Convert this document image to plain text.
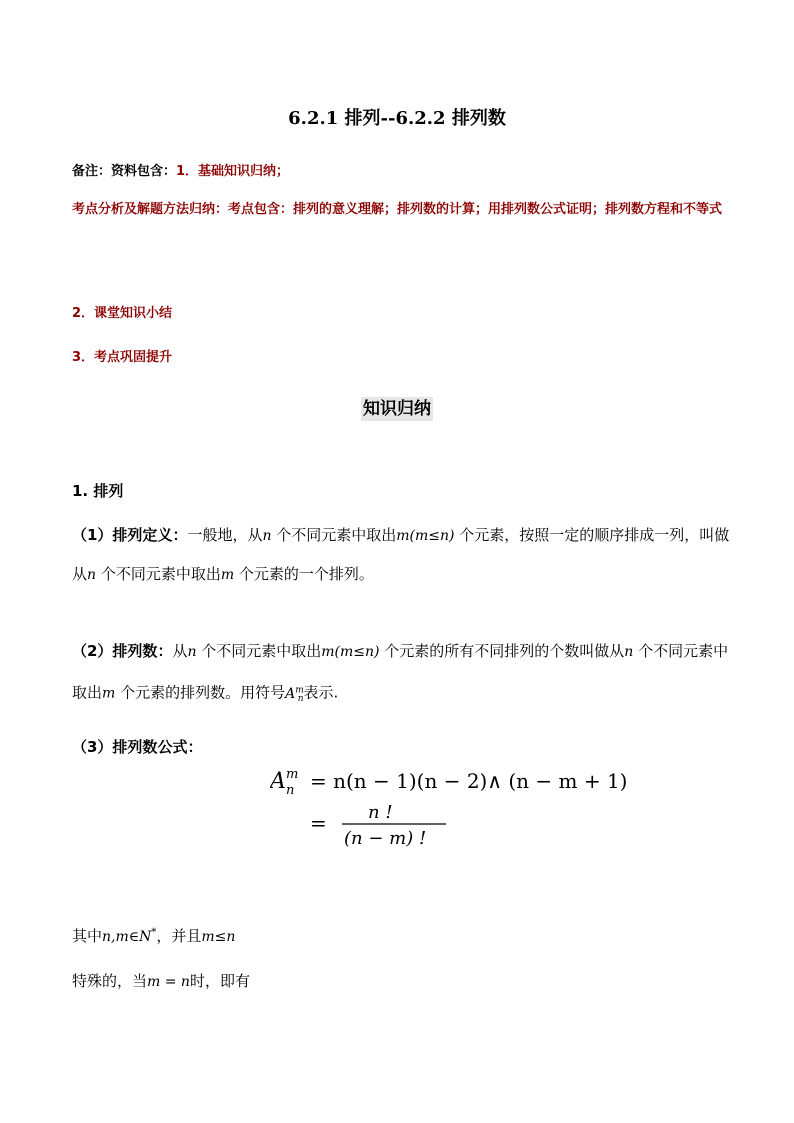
6.2.1 排列--6.2.2 排列数
备注：资料包含：1．基础知识归纳；
考点分析及解题方法归纳：考点包含：排列的意义理解；排列数的计算；用排列数公式证明；排列数方程和不等式
2．课堂知识小结
3．考点巩固提升
知识归纳
1. 排列
（1）排列定义：一般地，从n 个不同元素中取出m(m≤n) 个元素，按照一定的顺序排成一列，叫做从n 个不同元素中取出m 个元素的一个排列。
（2）排列数：从n 个不同元素中取出m(m≤n) 个元素的所有不同排列的个数叫做从n 个不同元素中取出m 个元素的排列数。用符号$A^m_n$表示.
（3）排列数公式：
A m
n = n(n − 1)(n − 2)∧ (n − m + 1)
= n !
(n − m) !
其中n,m∈N*，并且m≤n
特殊的，当m = n时，即有
